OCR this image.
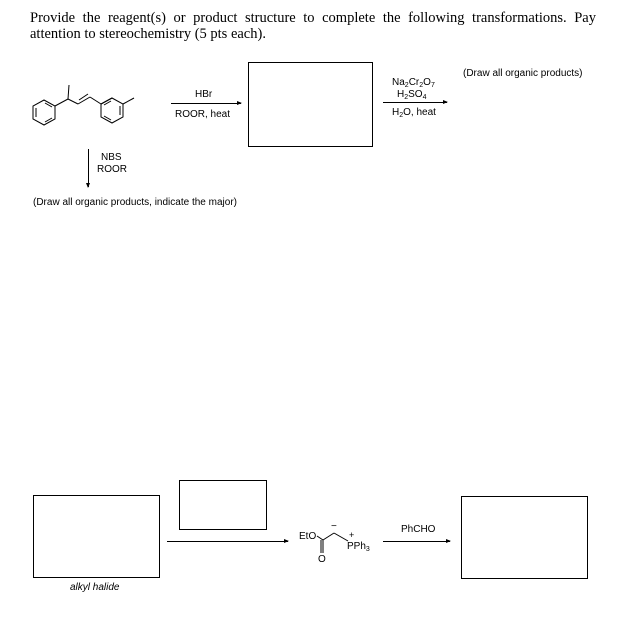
Provide the reagent(s) or product structure to complete the following transformations. Pay attention to stereochemistry (5 pts each).
HBr
ROOR, heat
$Na_2Cr_2O_7$
$H_2SO_4$
$H_2O$, heat
(Draw all organic products)
NBS
ROOR
(Draw all organic products, indicate the major)
alkyl halide
EtO
O
−
+
PPh$_3$
PhCHO
